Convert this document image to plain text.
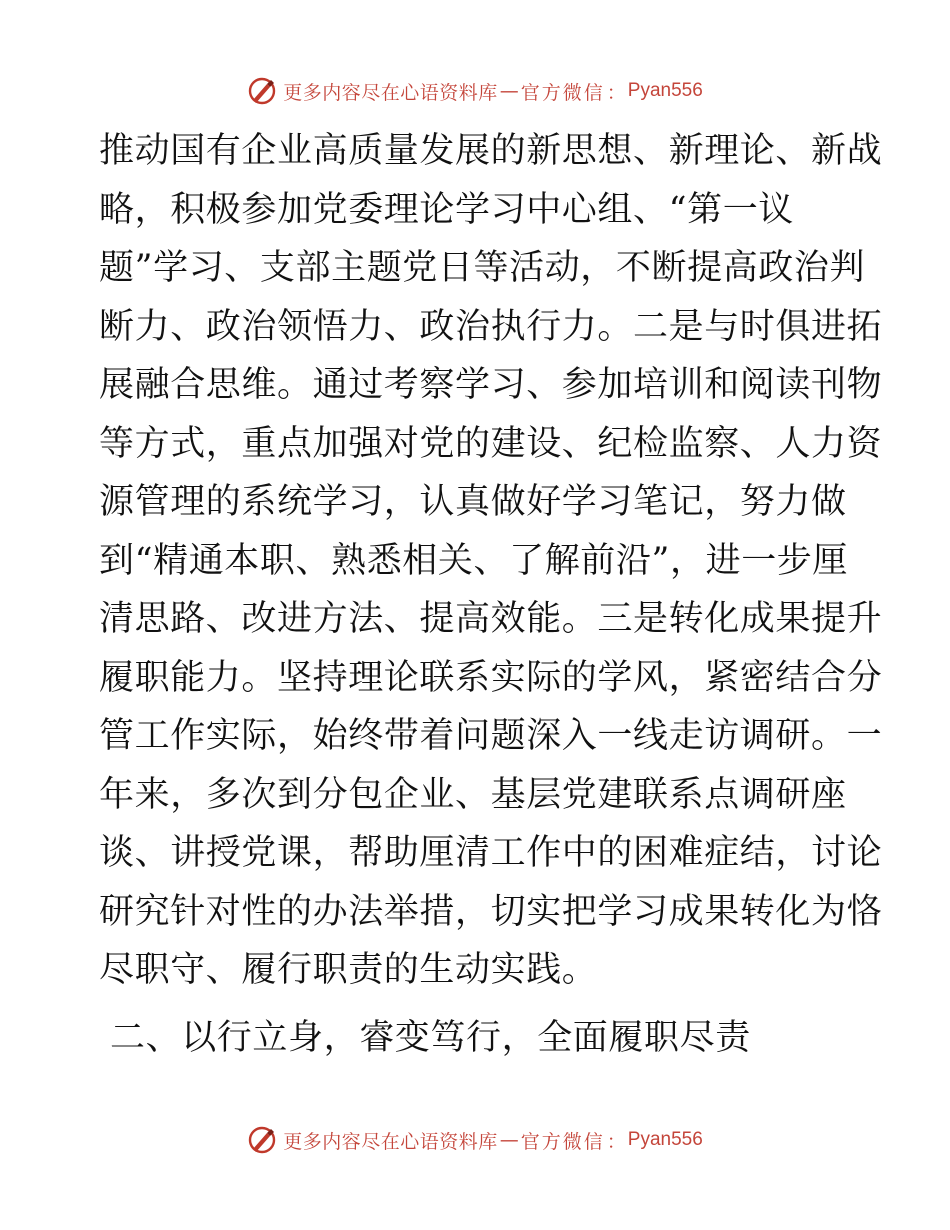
更多内容尽在心语资料库 — 官方微信 ： Pyan556
推动国有企业高质量发展的新思想、新理论、新战
略，积极参加党委理论学习中心组、“第一议
题”学习、支部主题党日等活动，不断提高政治判
断力、政治领悟力、政治执行力。二是与时俱进拓
展融合思维。通过考察学习、参加培训和阅读刊物
等方式，重点加强对党的建设、纪检监察、人力资
源管理的系统学习，认真做好学习笔记，努力做
到“精通本职、熟悉相关、了解前沿”，进一步厘
清思路、改进方法、提高效能。三是转化成果提升
履职能力。坚持理论联系实际的学风，紧密结合分
管工作实际，始终带着问题深入一线走访调研。一
年来，多次到分包企业、基层党建联系点调研座
谈、讲授党课，帮助厘清工作中的困难症结，讨论
研究针对性的办法举措，切实把学习成果转化为恪
尽职守、履行职责的生动实践。
二、以行立身，睿变笃行，全面履职尽责
更多内容尽在心语资料库 — 官方微信 ： Pyan556
